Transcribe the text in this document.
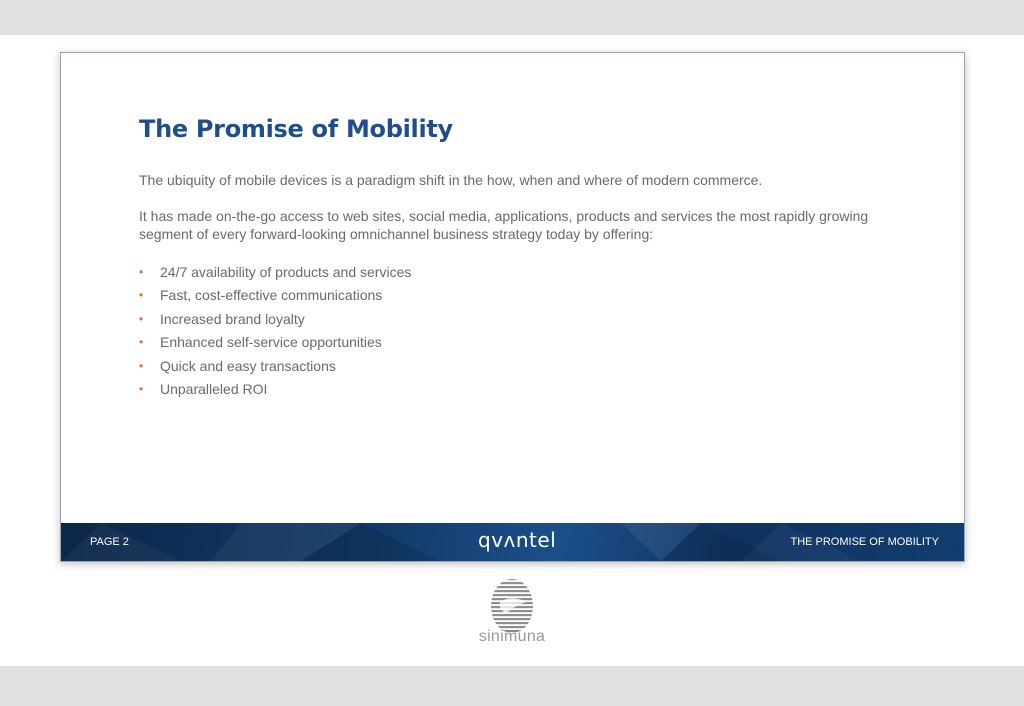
The Promise of Mobility

The ubiquity of mobile devices is a paradigm shift in the how, when and where of modern commerce.

It has made on-the-go access to web sites, social media, applications, products and services the most rapidly growing segment of every forward-looking omnichannel business strategy today by offering:

• 24/7 availability of products and services
• Fast, cost-effective communications
• Increased brand loyalty
• Enhanced self-service opportunities
• Quick and easy transactions
• Unparalleled ROI
PAGE 2	qvʌntel	THE PROMISE OF MOBILITY
sinimuna
